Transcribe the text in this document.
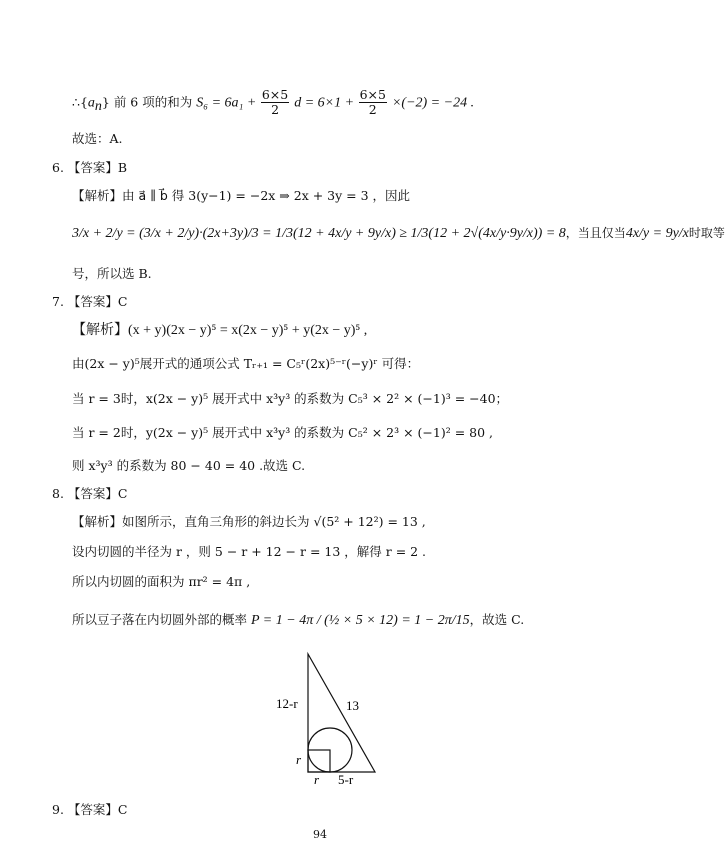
$\therefore\{a_n\}$ 前 6 项的和为 $S_6 = 6a_1 + \frac{6\times 5}{2}$ $d = 6\times 1 + \frac{6\times 5}{2} \times(-2) = -24$ .
故选：A.
6. 【答案】B
【解析】由 a⃗ ∥ b⃗ 得 3(y−1) = −2x ⇒ 2x + 3y = 3 ，因此
3/x + 2/y = (3/x + 2/y)·(2x+3y)/3 = 1/3(12 + 4x/y + 9y/x) ≥ 1/3(12 + 2√(4x/y·9y/x)) = 8，当且仅当4x/y = 9y/x时取等
号，所以选 B.
7. 【答案】C
【解析】(x + y)(2x − y)⁵ = x(2x − y)⁵ + y(2x − y)⁵ ,
由(2x − y)⁵展开式的通项公式 Tᵣ₊₁ = C₅ʳ(2x)⁵⁻ʳ(−y)ʳ 可得：
当 r = 3时，x(2x − y)⁵ 展开式中 x³y³ 的系数为 C₅³ × 2² × (−1)³ = −40；
当 r = 2时，y(2x − y)⁵ 展开式中 x³y³ 的系数为 C₅² × 2³ × (−1)² = 80 ,
则 x³y³ 的系数为 80 − 40 = 40 .故选 C.
8. 【答案】C
【解析】如图所示，直角三角形的斜边长为 √(5² + 12²) = 13 ,
设内切圆的半径为 r ，则 5 − r + 12 − r = 13 ，解得 r = 2 .
所以内切圆的面积为 πr² = 4π ,
所以豆子落在内切圆外部的概率 P = 1 − 4π / (½ × 5 × 12) = 1 − 2π/15，故选 C.
12-r	13
r
r 5-r
9. 【答案】C
94
